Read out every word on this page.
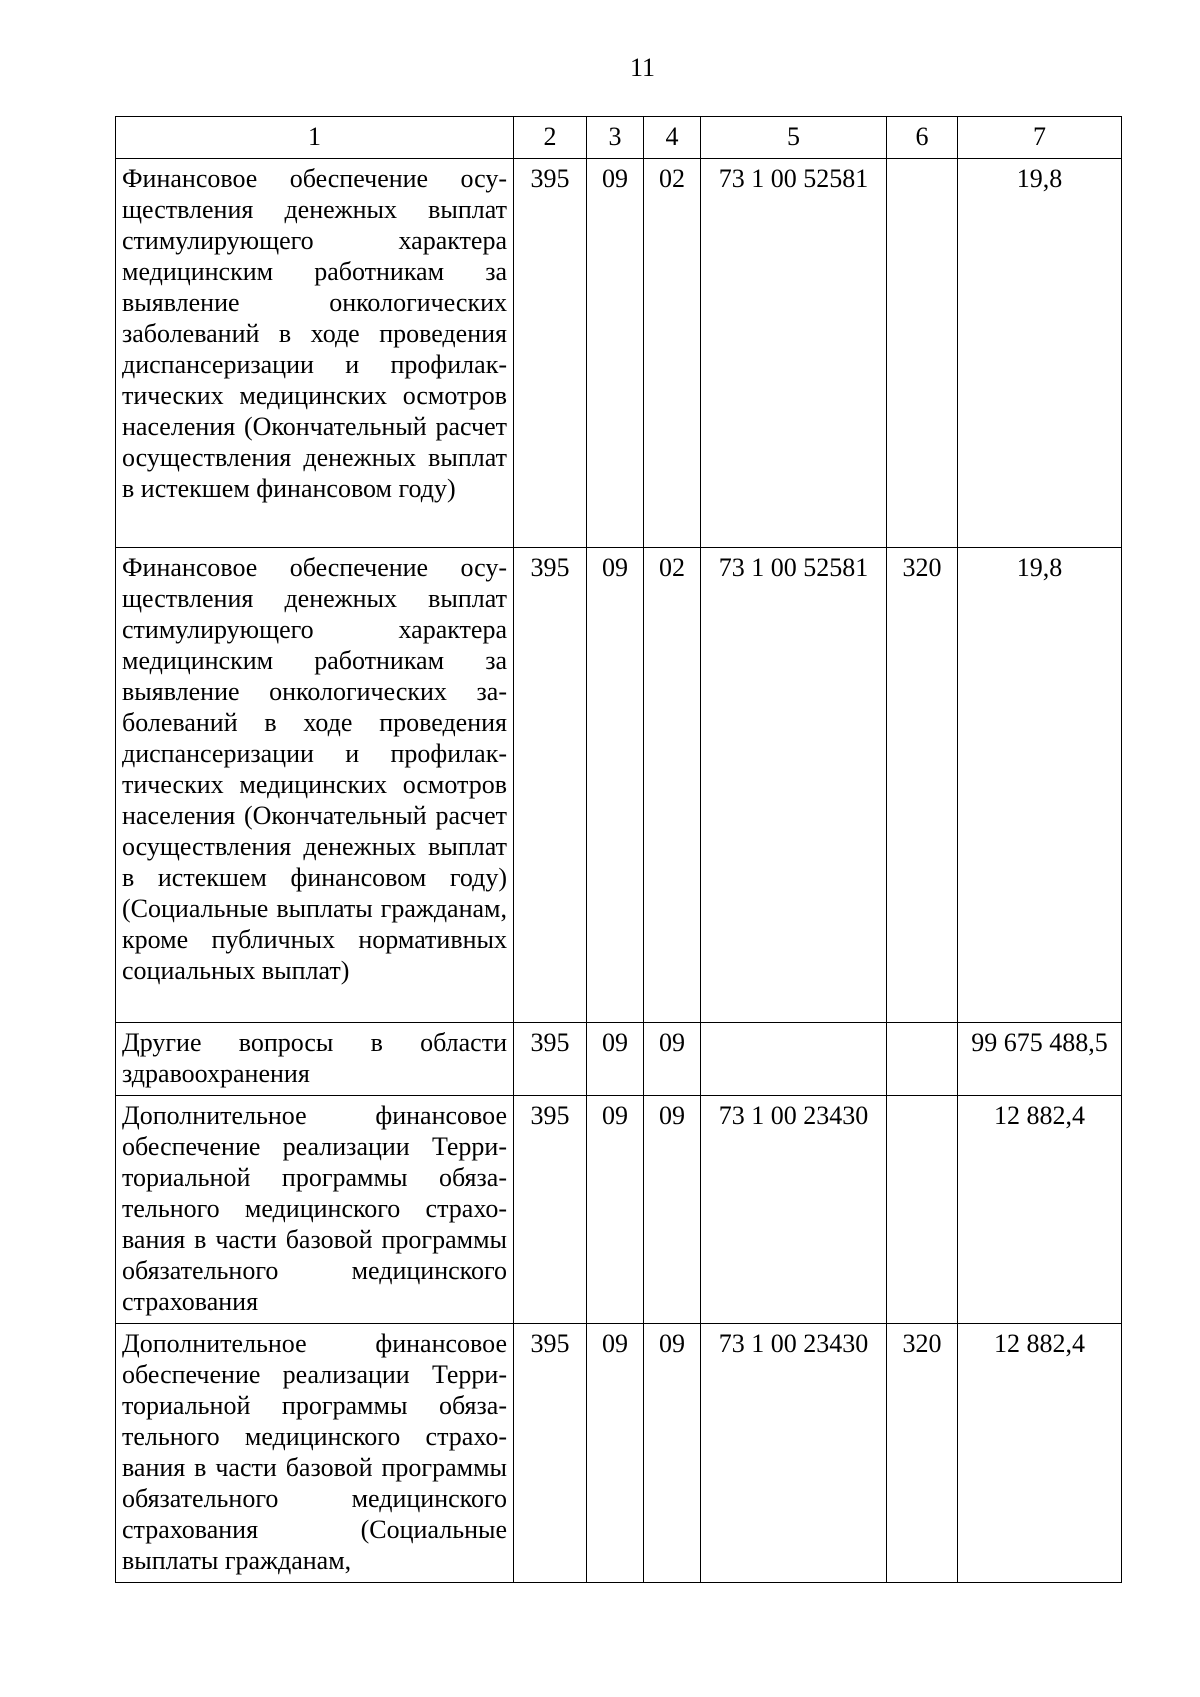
11
1	2	3	4	5	6	7
Финансовое обеспечение осуществления денежных выплат стимулирующего характера медицинским работникам за выявление онкологических заболеваний в ходе проведения диспансеризации и профилактических медицинских осмотров населения (Окончательный расчет осуществления денежных выплат в истекшем финансовом году)	395	09	02	73 1 00 52581		19,8
Финансовое обеспечение осуществления денежных выплат стимулирующего характера медицинским работникам за выявление онкологических заболеваний в ходе проведения диспансеризации и профилактических медицинских осмотров населения (Окончательный расчет осуществления денежных выплат в истекшем финансовом году) (Социальные выплаты гражданам, кроме публичных нормативных социальных выплат)	395	09	02	73 1 00 52581	320	19,8
Другие вопросы в области здравоохранения	395	09	09			99 675 488,5
Дополнительное финансовое обеспечение реализации Территориальной программы обязательного медицинского страхования в части базовой программы обязательного медицинского страхования	395	09	09	73 1 00 23430		12 882,4
Дополнительное финансовое обеспечение реализации Территориальной программы обязательного медицинского страхования в части базовой программы обязательного медицинского страхования (Социальные выплаты гражданам,	395	09	09	73 1 00 23430	320	12 882,4
